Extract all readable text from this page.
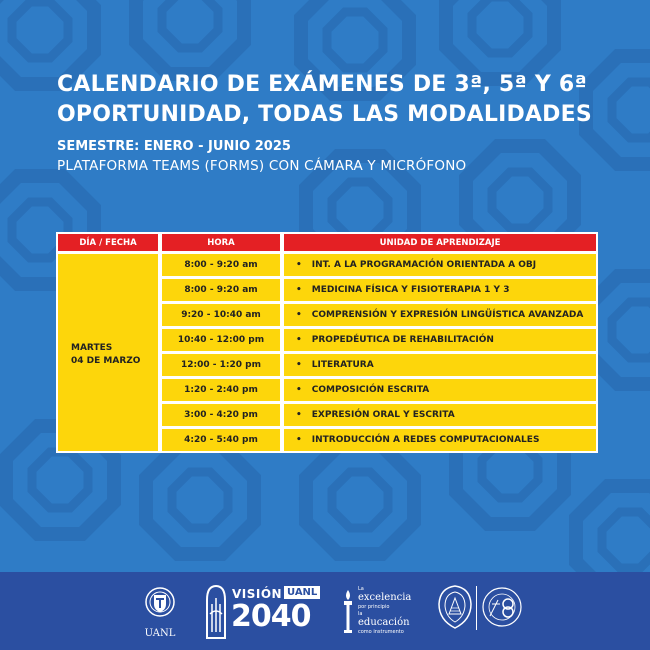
CALENDARIO DE EXÁMENES DE 3ª, 5ª Y 6ª
OPORTUNIDAD, TODAS LAS MODALIDADES
SEMESTRE: ENERO - JUNIO 2025
PLATAFORMA TEAMS (FORMS) CON CÁMARA Y MICRÓFONO
DÍA / FECHA	HORA	UNIDAD DE APRENDIZAJE
MARTES
04 DE MARZO
8:00 - 9:20 am	• INT. A LA PROGRAMACIÓN ORIENTADA A OBJ
8:00 - 9:20 am	• MEDICINA FÍSICA Y FISIOTERAPIA 1 Y 3
9:20 - 10:40 am	• COMPRENSIÓN Y EXPRESIÓN LINGÜÍSTICA AVANZADA
10:40 - 12:00 pm	• PROPEDÉUTICA DE REHABILITACIÓN
12:00 - 1:20 pm	• LITERATURA
1:20 - 2:40 pm	• COMPOSICIÓN ESCRITA
3:00 - 4:20 pm	• EXPRESIÓN ORAL Y ESCRITA
4:20 - 5:40 pm	• INTRODUCCIÓN A REDES COMPUTACIONALES
UANL
VISIÓN UANL
2040
La
excelencia
por principio
la
educación
como instrumento
